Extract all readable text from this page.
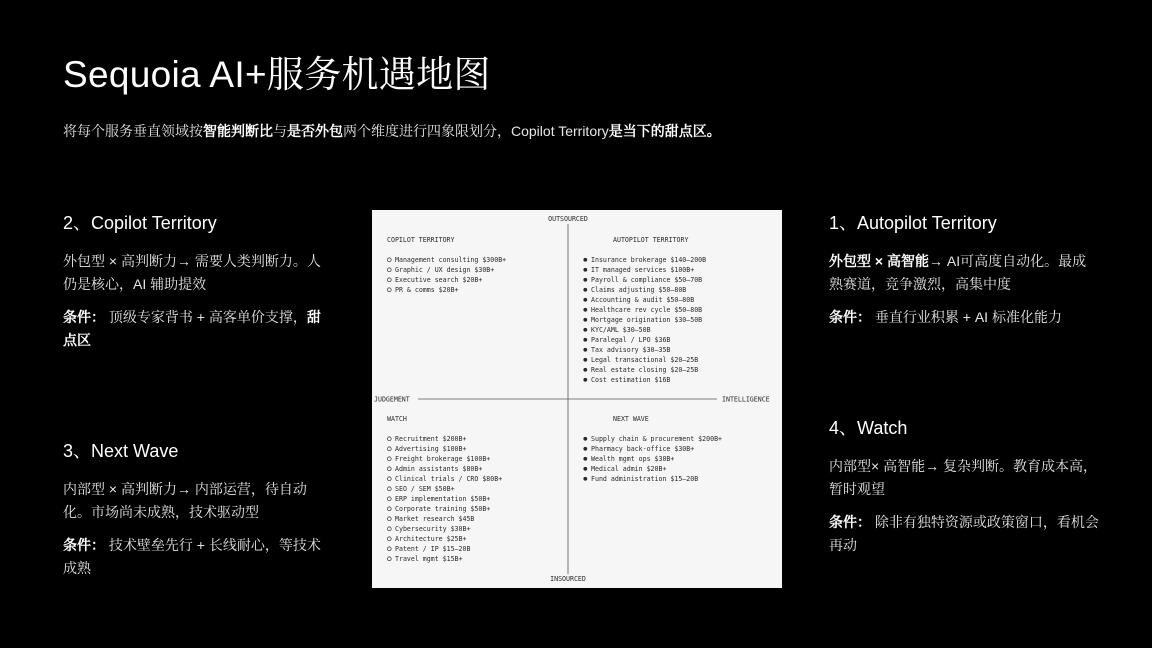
Sequoia AI+服务机遇地图
将每个服务垂直领域按智能判断比与是否外包两个维度进行四象限划分，Copilot Territory是当下的甜点区。
2、Copilot Territory
外包型 × 高判断力→ 需要人类判断力。人仍是核心，AI 辅助提效
条件： 顶级专家背书 + 高客单价支撑，甜点区
3、Next Wave
内部型 × 高判断力→ 内部运营，待自动化。市场尚未成熟，技术驱动型
条件： 技术壁垒先行 + 长线耐心，等技术成熟
1、Autopilot Territory
外包型 × 高智能→ AI可高度自动化。最成熟赛道，竞争激烈，高集中度
条件： 垂直行业积累 + AI 标准化能力
4、Watch
内部型× 高智能→ 复杂判断。教育成本高，暂时观望
条件： 除非有独特资源或政策窗口，看机会再动
OUTSOURCED
INSOURCED
JUDGEMENT	INTELLIGENCE
COPILOT TERRITORY
Management consulting $300B+
Graphic / UX design $30B+
Executive search $20B+
PR & comms $20B+
AUTOPILOT TERRITORY
Insurance brokerage $140–200B
IT managed services $100B+
Payroll & compliance $50–70B
Claims adjusting $50–80B
Accounting & audit $50–80B
Healthcare rev cycle $50–80B
Mortgage origination $30–50B
KYC/AML $30–50B
Paralegal / LPO $36B
Tax advisory $30–35B
Legal transactional $20–25B
Real estate closing $20–25B
Cost estimation $16B
WATCH
Recruitment $200B+
Advertising $100B+
Freight brokerage $100B+
Admin assistants $80B+
Clinical trials / CRO $80B+
SEO / SEM $50B+
ERP implementation $50B+
Corporate training $50B+
Market research $45B
Cybersecurity $30B+
Architecture $25B+
Patent / IP $15–20B
Travel mgmt $15B+
NEXT WAVE
Supply chain & procurement $200B+
Pharmacy back-office $30B+
Wealth mgmt ops $30B+
Medical admin $20B+
Fund administration $15–20B
